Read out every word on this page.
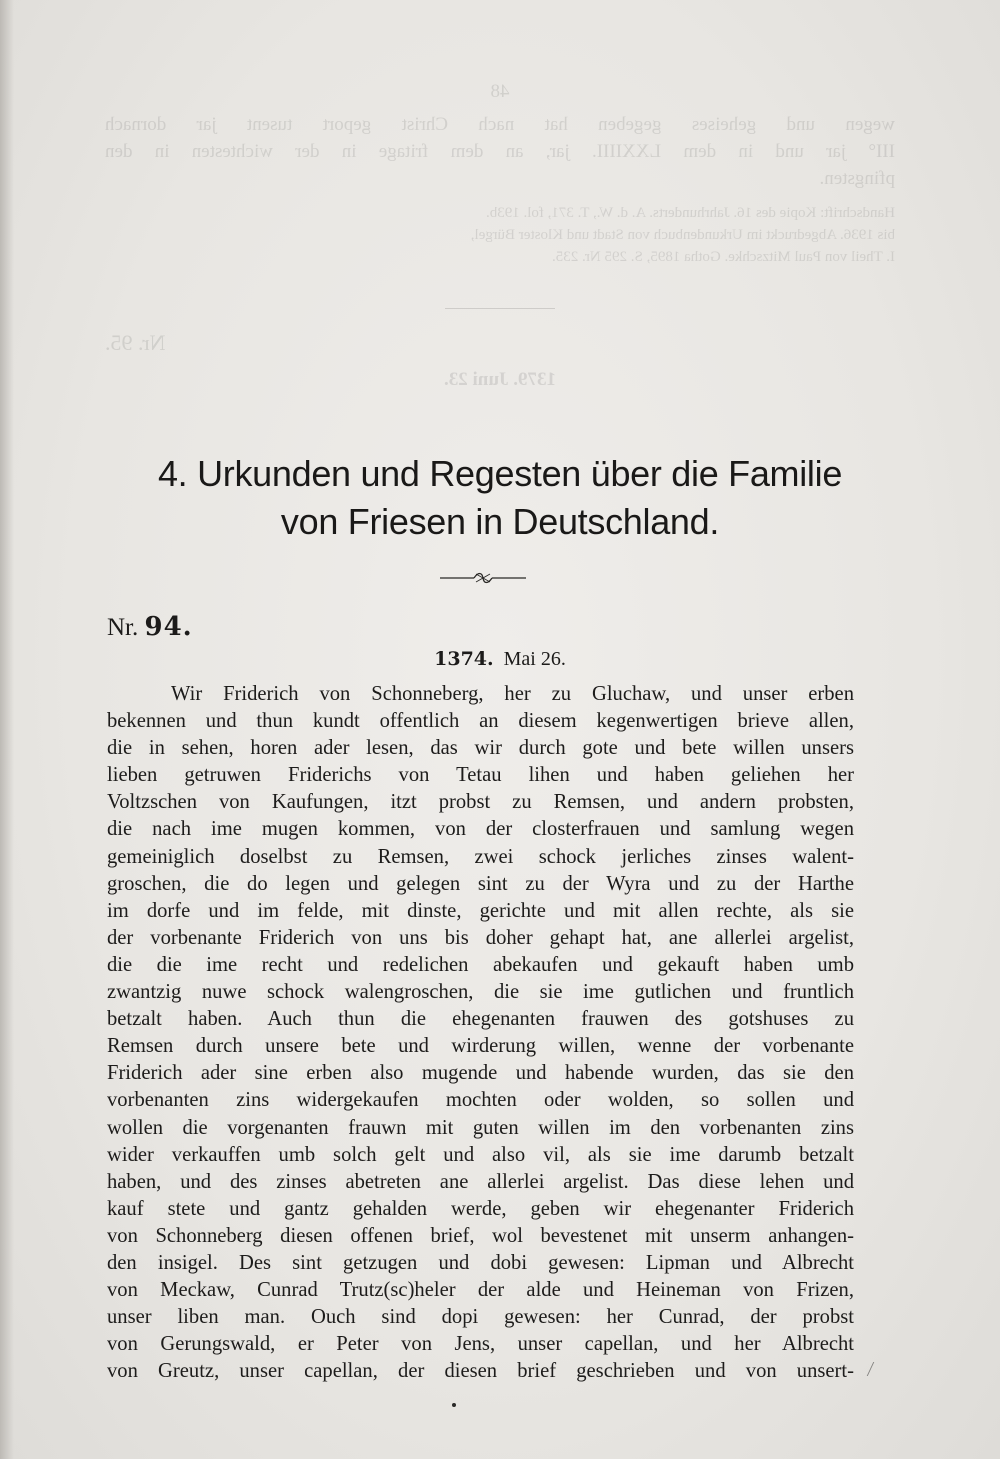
48
wegen und geheises gegeben hat nach Christ geport tusent jar dornach
III° jar und in dem LXXIIII. jar, an dem fritage in der wichtesten in den
pfingsten.
Handschrift: Kopie des 16. Jahrhunderts. A. d. W., T. 371, fol. 193b.
bis 1936. Abgedruckt im Urkundenbuch von Stadt und Kloster Bürgel,
I. Theil von Paul Mitzschke. Gotha 1895, S. 295 Nr. 235.
Nr. 95.
1379. Juni 23.
4. Urkunden und Regesten über die Familie
von Friesen in Deutschland.
Nr. 94.
1374. Mai 26.
Wir Friderich von Schonneberg, her zu Gluchaw, und unser erben
bekennen und thun kundt offentlich an diesem kegenwertigen brieve allen,
die in sehen, horen ader lesen, das wir durch gote und bete willen unsers
lieben getruwen Friderichs von Tetau lihen und haben geliehen her
Voltzschen von Kaufungen, itzt probst zu Remsen, und andern probsten,
die nach ime mugen kommen, von der closterfrauen und samlung wegen
gemeiniglich doselbst zu Remsen, zwei schock jerliches zinses walent-
groschen, die do legen und gelegen sint zu der Wyra und zu der Harthe
im dorfe und im felde, mit dinste, gerichte und mit allen rechte, als sie
der vorbenante Friderich von uns bis doher gehapt hat, ane allerlei argelist,
die die ime recht und redelichen abekaufen und gekauft haben umb
zwantzig nuwe schock walengroschen, die sie ime gutlichen und fruntlich
betzalt haben. Auch thun die ehegenanten frauwen des gotshuses zu
Remsen durch unsere bete und wirderung willen, wenne der vorbenante
Friderich ader sine erben also mugende und habende wurden, das sie den
vorbenanten zins widergekaufen mochten oder wolden, so sollen und
wollen die vorgenanten frauwn mit guten willen im den vorbenanten zins
wider verkauffen umb solch gelt und also vil, als sie ime darumb betzalt
haben, und des zinses abetreten ane allerlei argelist. Das diese lehen und
kauf stete und gantz gehalden werde, geben wir ehegenanter Friderich
von Schonneberg diesen offenen brief, wol bevestenet mit unserm anhangen-
den insigel. Des sint getzugen und dobi gewesen: Lipman und Albrecht
von Meckaw, Cunrad Trutz(sc)heler der alde und Heineman von Frizen,
unser liben man. Ouch sind dopi gewesen: her Cunrad, der probst
von Gerungswald, er Peter von Jens, unser capellan, und her Albrecht
von Greutz, unser capellan, der diesen brief geschrieben und von unsert-
